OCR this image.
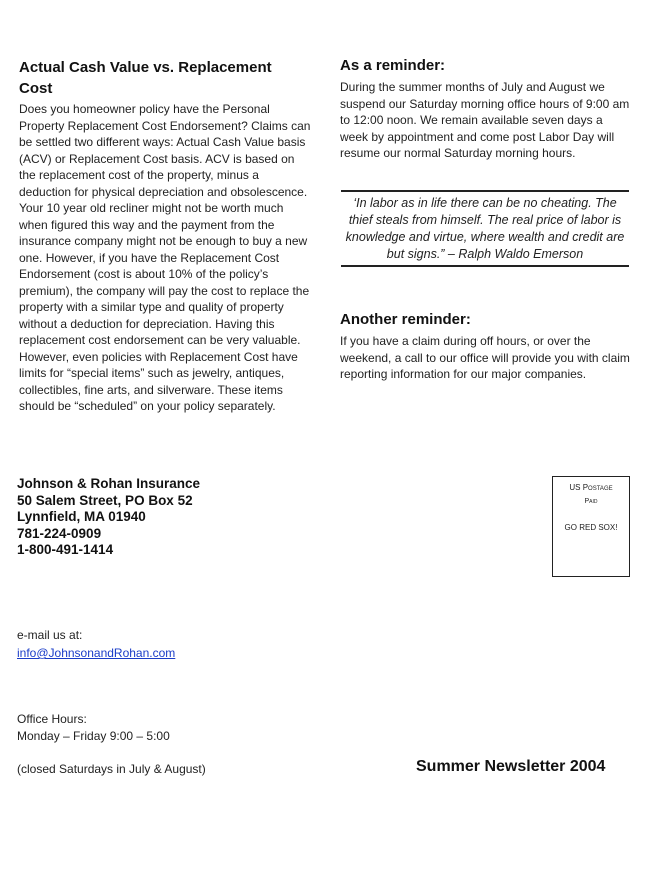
Actual Cash Value vs. Replacement Cost
Does you homeowner policy have the Personal Property Replacement Cost Endorsement? Claims can be settled two different ways: Actual Cash Value basis (ACV) or Replacement Cost basis. ACV is based on the replacement cost of the property, minus a deduction for physical depreciation and obsolescence. Your 10 year old recliner might not be worth much when figured this way and the payment from the insurance company might not be enough to buy a new one. However, if you have the Replacement Cost Endorsement (cost is about 10% of the policy’s premium), the company will pay the cost to replace the property with a similar type and quality of property without a deduction for depreciation. Having this replacement cost endorsement can be very valuable. However, even policies with Replacement Cost have limits for “special items” such as jewelry, antiques, collectibles, fine arts, and silverware. These items should be “scheduled” on your policy separately.
As a reminder:
During the summer months of July and August we suspend our Saturday morning office hours of 9:00 am to 12:00 noon. We remain available seven days a week by appointment and come post Labor Day will resume our normal Saturday morning hours.
‘In labor as in life there can be no cheating. The thief steals from himself. The real price of labor is knowledge and virtue, where wealth and credit are but signs.” – Ralph Waldo Emerson
Another reminder:
If you have a claim during off hours, or over the weekend, a call to our office will provide you with claim reporting information for our major companies.
Johnson & Rohan Insurance
50 Salem Street, PO Box 52
Lynnfield, MA 01940
781-224-0909
1-800-491-1414
US Postage
Paid
GO RED SOX!
e-mail us at:
info@JohnsonandRohan.com
Office Hours:
Monday – Friday 9:00 – 5:00
(closed Saturdays in July & August)	Summer Newsletter 2004
